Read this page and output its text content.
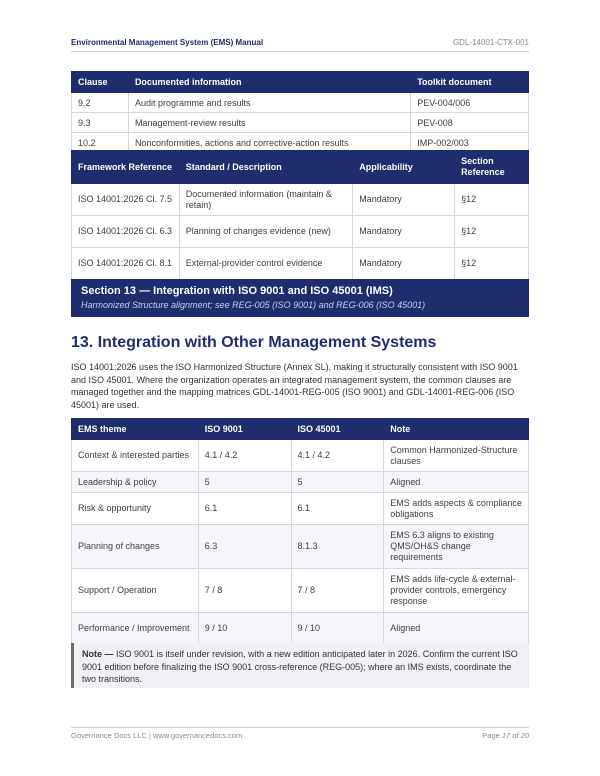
Environmental Management System (EMS) Manual	GDL-14001-CTX-001
Clause	Documented information	Toolkit document
9.2	Audit programme and results	PEV-004/006
9.3	Management-review results	PEV-008
10.2	Nonconformities, actions and corrective-action results	IMP-002/003
Framework Reference	Standard / Description	Applicability	Section Reference
ISO 14001:2026 Cl. 7.5	Documented information (maintain & retain)	Mandatory	§12
ISO 14001:2026 Cl. 6.3	Planning of changes evidence (new)	Mandatory	§12
ISO 14001:2026 Cl. 8.1	External-provider control evidence	Mandatory	§12
Section 13 — Integration with ISO 9001 and ISO 45001 (IMS)
Harmonized Structure alignment; see REG-005 (ISO 9001) and REG-006 (ISO 45001)
13. Integration with Other Management Systems
ISO 14001:2026 uses the ISO Harmonized Structure (Annex SL), making it structurally consistent with ISO 9001 and ISO 45001. Where the organization operates an integrated management system, the common clauses are managed together and the mapping matrices GDL-14001-REG-005 (ISO 9001) and GDL-14001-REG-006 (ISO 45001) are used.
EMS theme	ISO 9001	ISO 45001	Note
Context & interested parties	4.1 / 4.2	4.1 / 4.2	Common Harmonized-Structure clauses
Leadership & policy	5	5	Aligned
Risk & opportunity	6.1	6.1	EMS adds aspects & compliance obligations
Planning of changes	6.3	8.1.3	EMS 6.3 aligns to existing QMS/OH&S change requirements
Support / Operation	7 / 8	7 / 8	EMS adds life-cycle & external-provider controls, emergency response
Performance / Improvement	9 / 10	9 / 10	Aligned
Note — ISO 9001 is itself under revision, with a new edition anticipated later in 2026. Confirm the current ISO 9001 edition before finalizing the ISO 9001 cross-reference (REG-005); where an IMS exists, coordinate the two transitions.
Governance Docs LLC | www.governancedocs.com	Page 17 of 20
